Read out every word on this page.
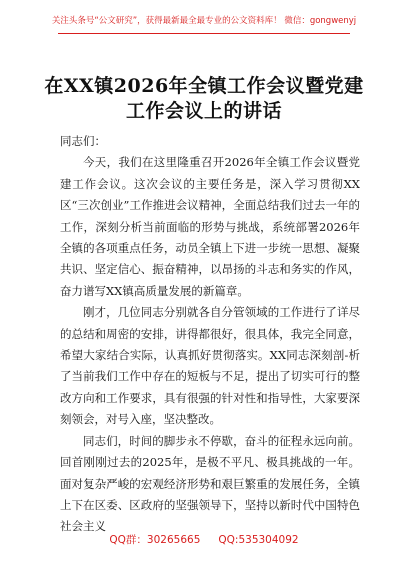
关注头条号“公文研究”，获得最新最全最专业的公文资料库！ 微信：gongwenyj
在XX镇2026年全镇工作会议暨党建工作会议上的讲话

同志们：

今天，我们在这里隆重召开2026年全镇工作会议暨党建工作会议。这次会议的主要任务是，深入学习贯彻XX区“三次创业”工作推进会议精神，全面总结我们过去一年的工作，深刻分析当前面临的形势与挑战，系统部署2026年全镇的各项重点任务，动员全镇上下进一步统一思想、凝聚共识、坚定信心、振奋精神，以昂扬的斗志和务实的作风，奋力谱写XX镇高质量发展的新篇章。

刚才，几位同志分别就各自分管领域的工作进行了详尽的总结和周密的安排，讲得都很好，很具体，我完全同意，希望大家结合实际，认真抓好贯彻落实。XX同志深刻剖-析了当前我们工作中存在的短板与不足，提出了切实可行的整改方向和工作要求，具有很强的针对性和指导性，大家要深刻领会，对号入座，坚决整改。

同志们，时间的脚步永不停歇，奋斗的征程永远向前。回首刚刚过去的2025年，是极不平凡、极具挑战的一年。面对复杂严峻的宏观经济形势和艰巨繁重的发展任务，全镇上下在区委、区政府的坚强领导下，坚持以新时代中国特色社会主义

QQ群：30265665 QQ:535304092
